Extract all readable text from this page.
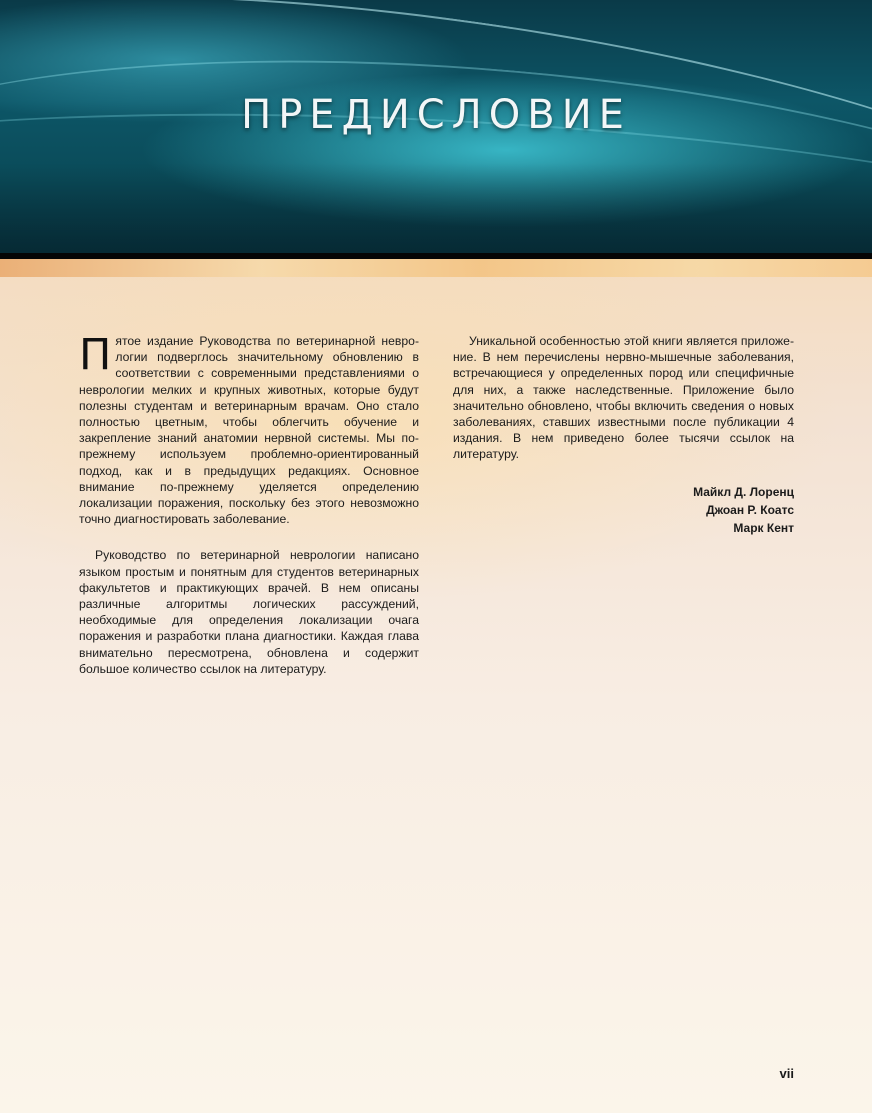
ПРЕДИСЛОВИЕ

Пятое издание Руководства по ветеринарной неврологии подверглось значительному обновлению в соответствии с современными представлениями о неврологии мелких и крупных животных, которые будут полезны студентам и ветеринарным врачам. Оно стало полностью цветным, чтобы облегчить обучение и закрепление знаний анатомии нервной системы. Мы по-прежнему используем проблемно-ориентированный подход, как и в предыдущих редакциях. Основное внимание по-прежнему уделяется определению локализации поражения, поскольку без этого невозможно точно диагностировать заболевание.

Руководство по ветеринарной неврологии написано языком простым и понятным для студентов ветеринарных факультетов и практикующих врачей. В нем описаны различные алгоритмы логических рассуждений, необходимые для определения локализации очага поражения и разработки плана диагностики. Каждая глава внимательно пересмотрена, обновлена и содержит большое количество ссылок на литературу.

Уникальной особенностью этой книги является приложение. В нем перечислены нервно-мышечные заболевания, встречающиеся у определенных пород или специфичные для них, а также наследственные. Приложение было значительно обновлено, чтобы включить сведения о новых заболеваниях, ставших известными после публикации 4 издания. В нем приведено более тысячи ссылок на литературу.

Майкл Д. Лоренц
Джоан Р. Коатс
Марк Кент
vii
